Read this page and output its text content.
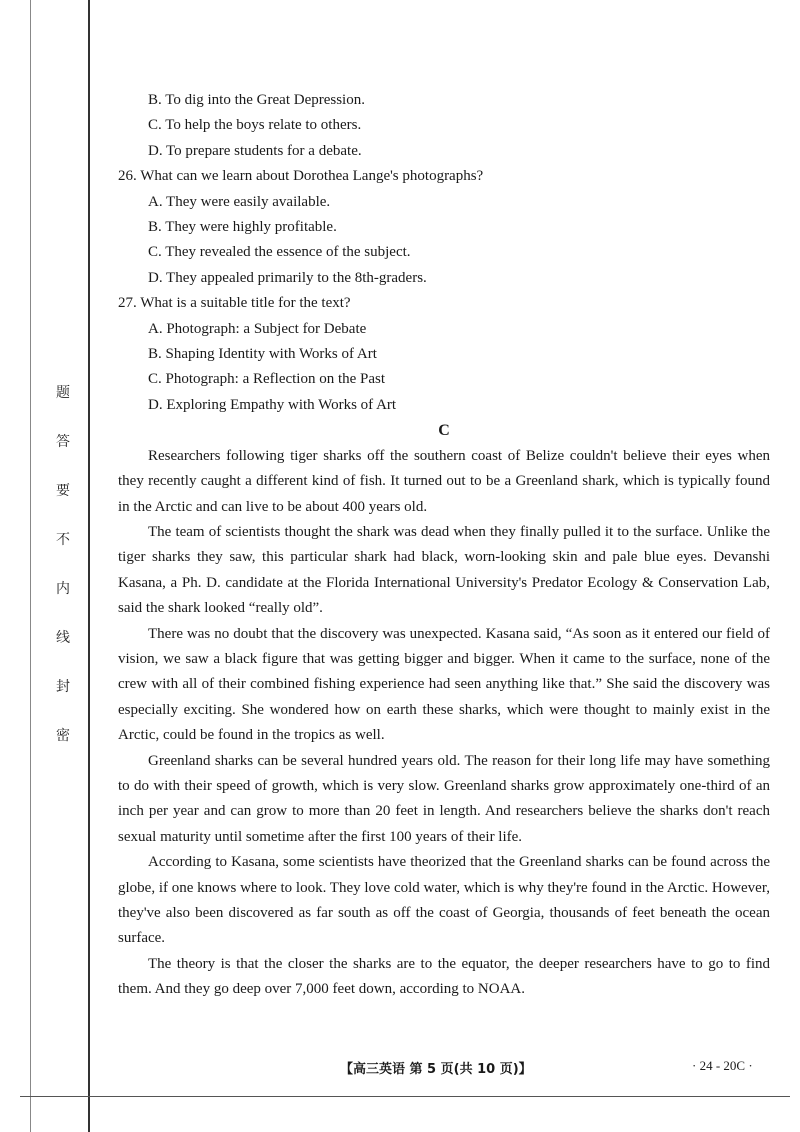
题
答
要
不
内
线
封
密
B. To dig into the Great Depression.
C. To help the boys relate to others.
D. To prepare students for a debate.
26. What can we learn about Dorothea Lange's photographs?
A. They were easily available.
B. They were highly profitable.
C. They revealed the essence of the subject.
D. They appealed primarily to the 8th-graders.
27. What is a suitable title for the text?
A. Photograph: a Subject for Debate
B. Shaping Identity with Works of Art
C. Photograph: a Reflection on the Past
D. Exploring Empathy with Works of Art
C

Researchers following tiger sharks off the southern coast of Belize couldn't believe their eyes when they recently caught a different kind of fish. It turned out to be a Greenland shark, which is typically found in the Arctic and can live to be about 400 years old.

The team of scientists thought the shark was dead when they finally pulled it to the surface. Unlike the tiger sharks they saw, this particular shark had black, worn-looking skin and pale blue eyes. Devanshi Kasana, a Ph. D. candidate at the Florida International University's Predator Ecology & Conservation Lab, said the shark looked “really old”.

There was no doubt that the discovery was unexpected. Kasana said, “As soon as it entered our field of vision, we saw a black figure that was getting bigger and bigger. When it came to the surface, none of the crew with all of their combined fishing experience had seen anything like that.” She said the discovery was especially exciting. She wondered how on earth these sharks, which were thought to mainly exist in the Arctic, could be found in the tropics as well.

Greenland sharks can be several hundred years old. The reason for their long life may have something to do with their speed of growth, which is very slow. Greenland sharks grow approximately one-third of an inch per year and can grow to more than 20 feet in length. And researchers believe the sharks don't reach sexual maturity until sometime after the first 100 years of their life.

According to Kasana, some scientists have theorized that the Greenland sharks can be found across the globe, if one knows where to look. They love cold water, which is why they're found in the Arctic. However, they've also been discovered as far south as off the coast of Georgia, thousands of feet beneath the ocean surface.

The theory is that the closer the sharks are to the equator, the deeper researchers have to go to find them. And they go deep over 7,000 feet down, according to NOAA.

【高三英语 第 5 页(共 10 页)】	· 24 - 20C ·
